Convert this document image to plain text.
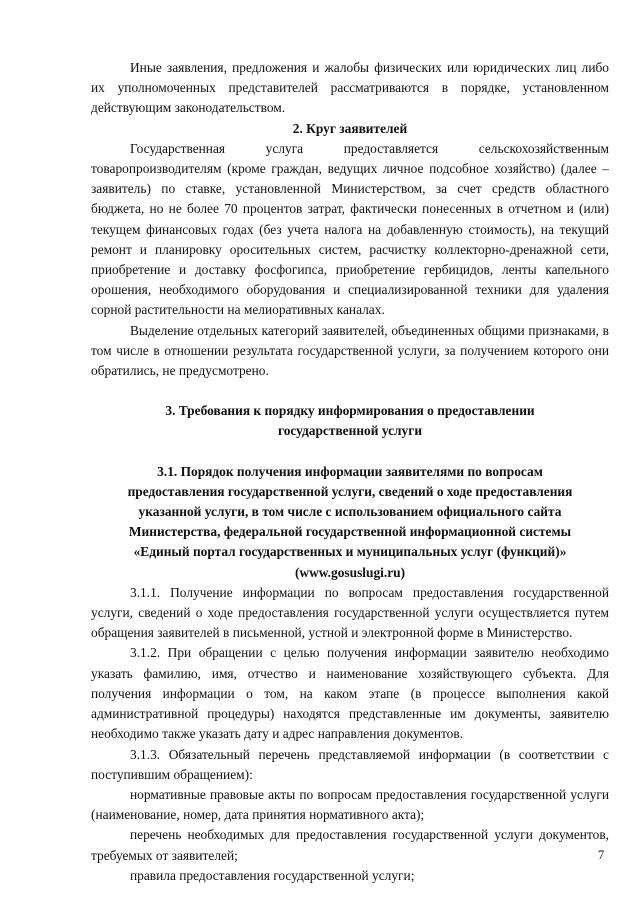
Иные заявления, предложения и жалобы физических или юридических лиц либо их уполномоченных представителей рассматриваются в порядке, установленном действующим законодательством.

2. Круг заявителей

Государственная услуга предоставляется сельскохозяйственным товаропроизводителям (кроме граждан, ведущих личное подсобное хозяйство) (далее – заявитель) по ставке, установленной Министерством, за счет средств областного бюджета, но не более 70 процентов затрат, фактически понесенных в отчетном и (или) текущем финансовых годах (без учета налога на добавленную стоимость), на текущий ремонт и планировку оросительных систем, расчистку коллекторно-дренажной сети, приобретение и доставку фосфогипса, приобретение гербицидов, ленты капельного орошения, необходимого оборудования и специализированной техники для удаления сорной растительности на мелиоративных каналах.

Выделение отдельных категорий заявителей, объединенных общими признаками, в том числе в отношении результата государственной услуги, за получением которого они обратились, не предусмотрено.

3. Требования к порядку информирования о предоставлении

государственной услуги

3.1. Порядок получения информации заявителями по вопросам

предоставления государственной услуги, сведений о ходе предоставления

указанной услуги, в том числе с использованием официального сайта

Министерства, федеральной государственной информационной системы

«Единый портал государственных и муниципальных услуг (функций)»

(www.gosuslugi.ru)

3.1.1. Получение информации по вопросам предоставления государственной услуги, сведений о ходе предоставления государственной услуги осуществляется путем обращения заявителей в письменной, устной и электронной форме в Министерство.

3.1.2. При обращении с целью получения информации заявителю необходимо указать фамилию, имя, отчество и наименование хозяйствующего субъекта. Для получения информации о том, на каком этапе (в процессе выполнения какой административной процедуры) находятся представленные им документы, заявителю необходимо также указать дату и адрес направления документов.

3.1.3. Обязательный перечень представляемой информации (в соответствии с поступившим обращением):

нормативные правовые акты по вопросам предоставления государственной услуги (наименование, номер, дата принятия нормативного акта);

перечень необходимых для предоставления государственной услуги документов, требуемых от заявителей;

правила предоставления государственной услуги;

7
